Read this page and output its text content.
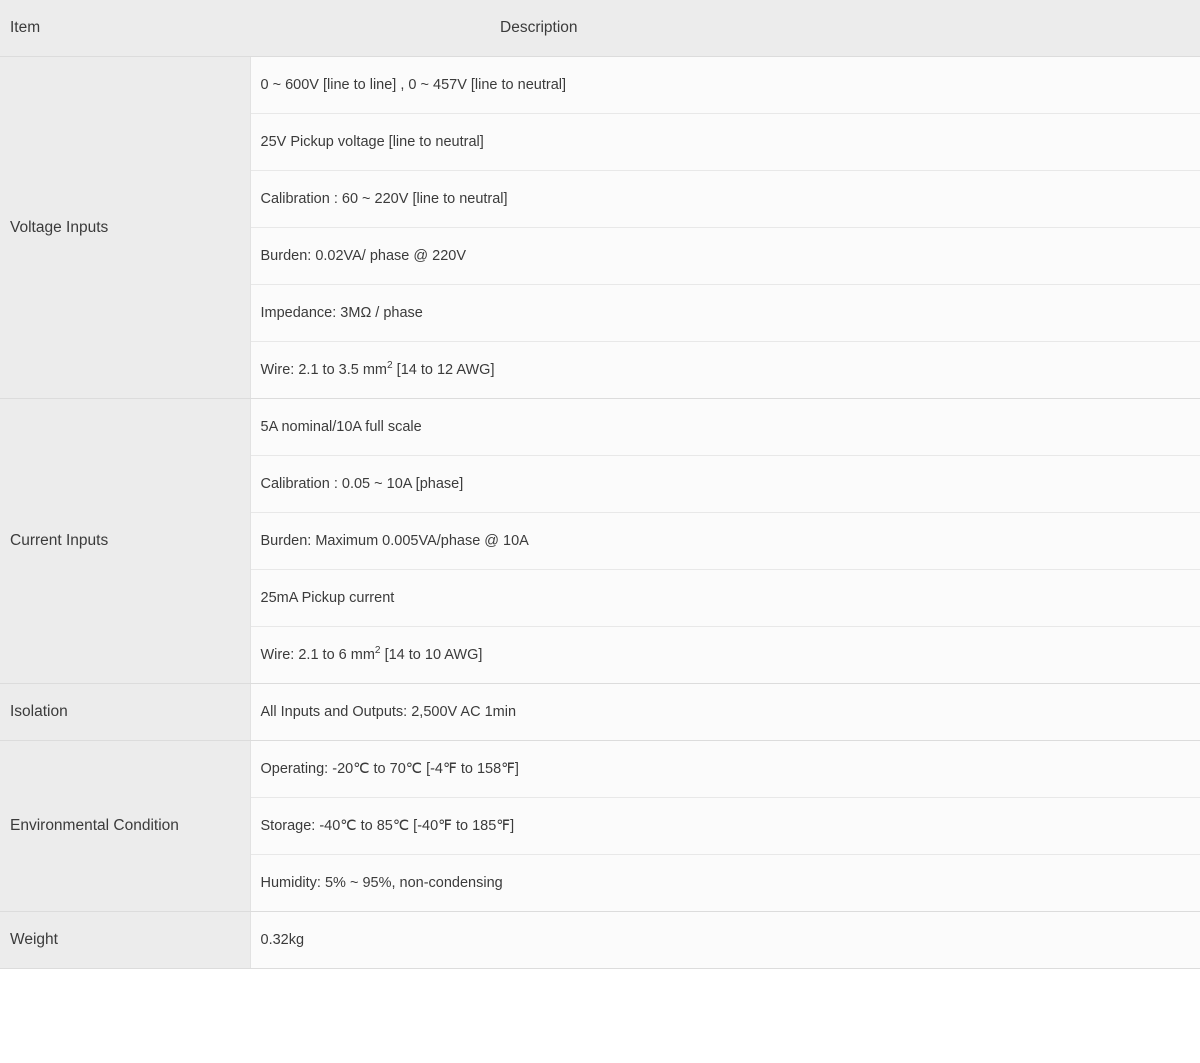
Item	Description
Voltage Inputs	0 ~ 600V [line to line] , 0 ~ 457V [line to neutral]
	25V Pickup voltage [line to neutral]
	Calibration : 60 ~ 220V [line to neutral]
	Burden: 0.02VA/ phase @ 220V
	Impedance: 3MΩ / phase
	Wire: 2.1 to 3.5 $mm^2$ [14 to 12 AWG]
Current Inputs	5A nominal/10A full scale
	Calibration : 0.05 ~ 10A [phase]
	Burden: Maximum 0.005VA/phase @ 10A
	25mA Pickup current
	Wire: 2.1 to 6 $mm^2$ [14 to 10 AWG]
Isolation	All Inputs and Outputs: 2,500V AC 1min
Environmental Condition	Operating: -20℃ to 70℃ [-4℉ to 158℉]
	Storage: -40℃ to 85℃ [-40℉ to 185℉]
	Humidity: 5% ~ 95%, non-condensing
Weight	0.32kg
